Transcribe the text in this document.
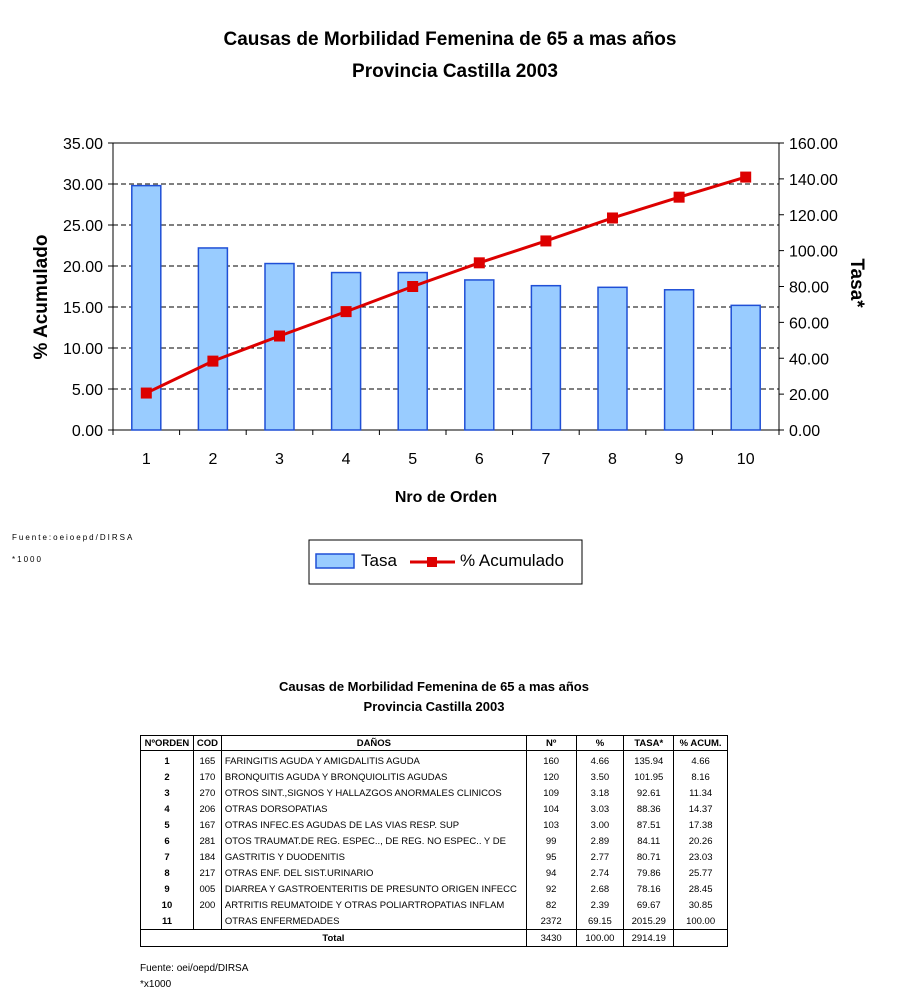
Causas de Morbilidad Femenina de 65 a mas años
Provincia Castilla 2003
0.00
5.00
10.00
15.00
20.00
25.00
30.00
35.00
0.00
20.00
40.00
60.00
80.00
100.00
120.00
140.00
160.00
1	2	3	4	5	6	7	8	9	10
Nro de Orden
% Acumulado	Tasa*
Tasa	% Acumulado
Fuente:oeioepd/DIRSA
*1000
Causas de Morbilidad Femenina de 65 a mas años
Provincia Castilla 2003
NºORDEN	COD	DAÑOS	Nº	%	TASA*	% ACUM.
1	165	FARINGITIS AGUDA Y AMIGDALITIS AGUDA	160	4.66	135.94	4.66
2	170	BRONQUITIS AGUDA Y BRONQUIOLITIS AGUDAS	120	3.50	101.95	8.16
3	270	OTROS SINT.,SIGNOS Y HALLAZGOS ANORMALES CLINICOS	109	3.18	92.61	11.34
4	206	OTRAS DORSOPATIAS	104	3.03	88.36	14.37
5	167	OTRAS INFEC.ES AGUDAS DE LAS VIAS RESP. SUP	103	3.00	87.51	17.38
6	281	OTOS TRAUMAT.DE REG. ESPEC.., DE REG. NO ESPEC.. Y DE	99	2.89	84.11	20.26
7	184	GASTRITIS Y DUODENITIS	95	2.77	80.71	23.03
8	217	OTRAS ENF. DEL SIST.URINARIO	94	2.74	79.86	25.77
9	005	DIARREA Y GASTROENTERITIS DE PRESUNTO ORIGEN INFECC	92	2.68	78.16	28.45
10	200	ARTRITIS REUMATOIDE Y OTRAS POLIARTROPATIAS INFLAM	82	2.39	69.67	30.85
11		OTRAS ENFERMEDADES	2372	69.15	2015.29	100.00
Total			3430	100.00	2914.19	
Fuente: oei/oepd/DIRSA
*x1000
